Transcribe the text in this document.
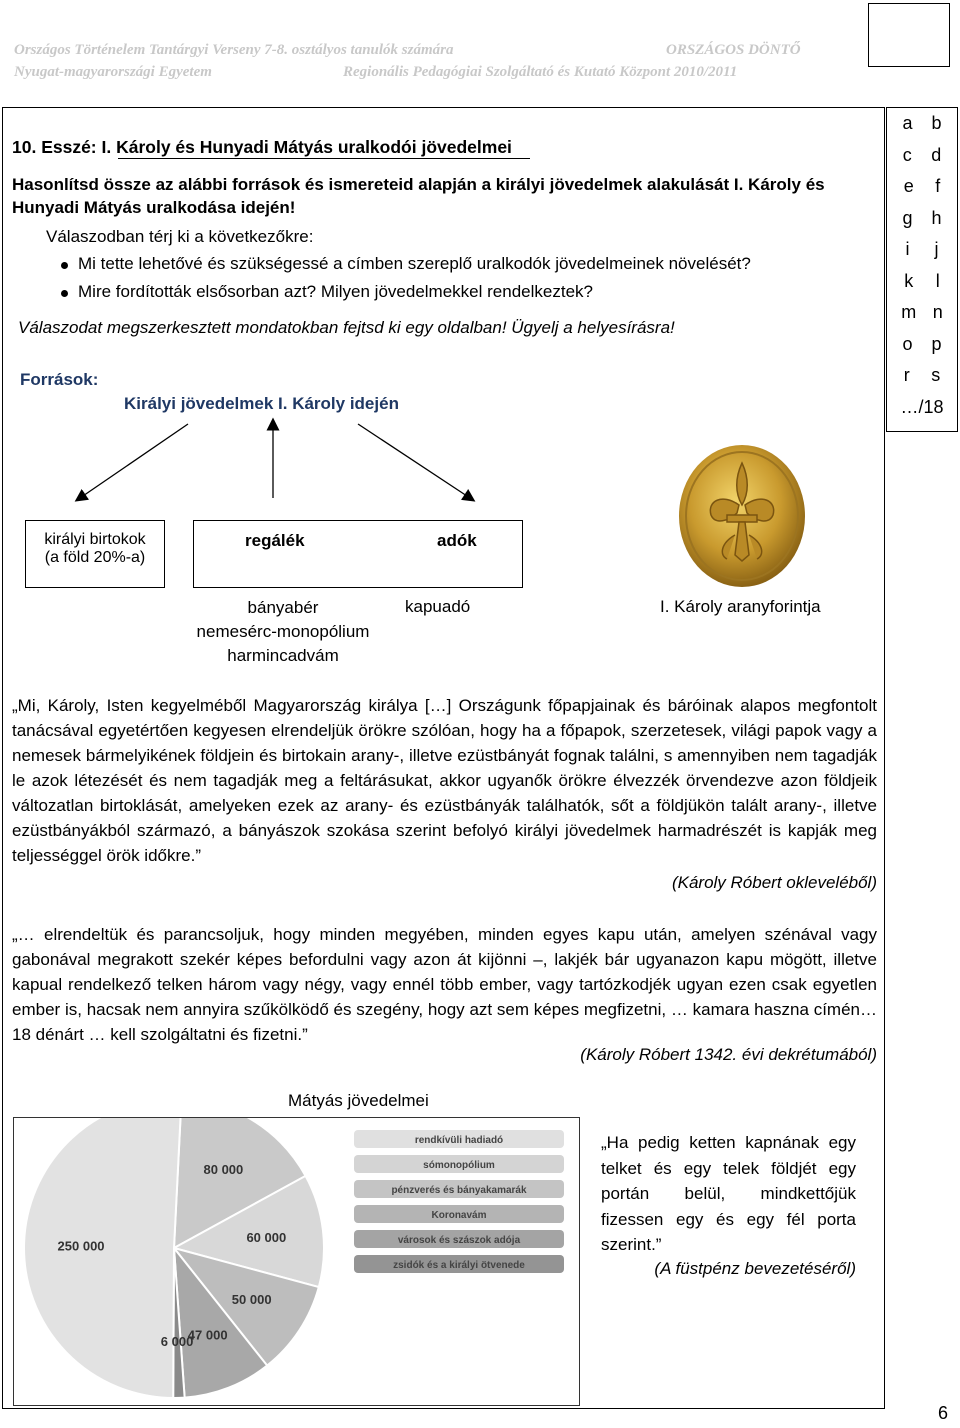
Országos Történelem Tantárgyi Verseny 7-8. osztályos tanulók számára	ORSZÁGOS DÖNTŐ
Nyugat-magyarországi Egyetem	Regionális Pedagógiai Szolgáltató és Kutató Központ 2010/2011
a b
c d
e f
g h
i j
k l
m n
o p
r s
…/18
10. Esszé: I. Károly és Hunyadi Mátyás uralkodói jövedelmei
Hasonlítsd össze az alábbi források és ismereteid alapján a királyi jövedelmek alakulását I. Károly és
Hunyadi Mátyás uralkodása idején!
Válaszodban térj ki a következőkre:
Mi tette lehetővé és szükségessé a címben szereplő uralkodók jövedelmeinek növelését?
Mire fordították elsősorban azt? Milyen jövedelmekkel rendelkeztek?
Válaszodat megszerkesztett mondatokban fejtsd ki egy oldalban! Ügyelj a helyesírásra!
Források:
Királyi jövedelmek I. Károly idején
királyi birtokok
(a föld 20%-a)
regálék	adók
bányabér
nemesérc-monopólium
harmincadvám
kapuadó	I. Károly aranyforintja
„Mi, Károly, Isten kegyelméből Magyarország királya […] Országunk főpapjainak és báróinak alapos megfontolt tanácsával egyetértően kegyesen elrendeljük örökre szólóan, hogy ha a főpapok, szerzetesek, világi papok vagy a nemesek bármelyikének földjein és birtokain arany-, illetve ezüstbányát fognak találni, s amennyiben nem tagadják le azok létezését és nem tagadják meg a feltárásukat, akkor ugyanők örökre élvezzék örvendezve azon földjeik változatlan birtoklását, amelyeken ezek az arany- és ezüstbányák találhatók, sőt a földjükön talált arany-, illetve ezüstbányákból származó, a bányászok szokása szerint befolyó királyi jövedelmek harmadrészét is kapják meg teljességgel örök időkre.”
(Károly Róbert okleveléből)
„… elrendeltük és parancsoljuk, hogy minden megyében, minden egyes kapu után, amelyen szénával vagy gabonával megrakott szekér képes befordulni vagy azon át kijönni –, lakjék bár ugyanazon kapu mögött, illetve kapual rendelkező telken három vagy négy, vagy ennél több ember, vagy tartózkodjék ugyan ezen csak egyetlen ember is, hacsak nem annyira szűkölködő és szegény, hogy azt sem képes megfizetni, … kamara haszna címén… 18 dénárt … kell szolgáltatni és fizetni.”
(Károly Róbert 1342. évi dekrétumából)
Mátyás jövedelmei
80 000
60 000
50 000
47 000
6 000
250 000
rendkívüli hadiadó
sómonopólium
pénzverés és bányakamarák
Koronavám
városok és szászok adója
zsidók és a királyi ötvenede
„Ha pedig ketten kapnának egy telket és egy telek földjét egy portán belül, mindkettőjük fizessen egy és egy fél porta szerint.”
(A füstpénz bevezetéséről)
6
